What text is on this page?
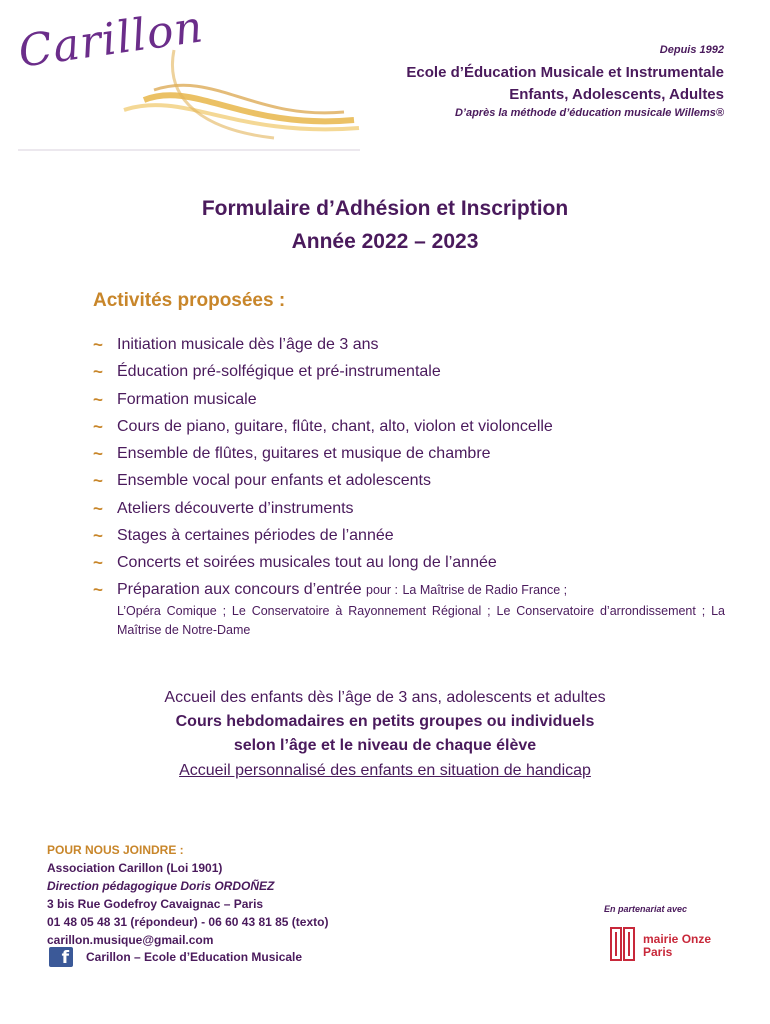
Carillon	Depuis 1992
Ecole d’Éducation Musicale et Instrumentale
Enfants, Adolescents, Adultes
D’après la méthode d’éducation musicale Willems®
Formulaire d’Adhésion et Inscription
Année 2022 – 2023
Activités proposées :
~ Initiation musicale dès l’âge de 3 ans
~ Éducation pré-solfégique et pré-instrumentale
~ Formation musicale
~ Cours de piano, guitare, flûte, chant, alto, violon et violoncelle
~ Ensemble de flûtes, guitares et musique de chambre
~ Ensemble vocal pour enfants et adolescents
~ Ateliers découverte d’instruments
~ Stages à certaines périodes de l’année
~ Concerts et soirées musicales tout au long de l’année
~ Préparation aux concours d’entrée pour : La Maîtrise de Radio France ;
L’Opéra Comique ; Le Conservatoire à Rayonnement Régional ; Le Conservatoire d’arrondissement ; La Maîtrise de Notre-Dame
Accueil des enfants dès l’âge de 3 ans, adolescents et adultes
Cours hebdomadaires en petits groupes ou individuels
selon l’âge et le niveau de chaque élève
Accueil personnalisé des enfants en situation de handicap
POUR NOUS JOINDRE :
Association Carillon (Loi 1901)
Direction pédagogique Doris ORDOÑEZ
3 bis Rue Godefroy Cavaignac – Paris
01 48 05 48 31 (répondeur) - 06 60 43 81 85 (texto)
carillon.musique@gmail.com
f	Carillon – Ecole d’Education Musicale
En partenariat avec
mairie Onze
Paris
